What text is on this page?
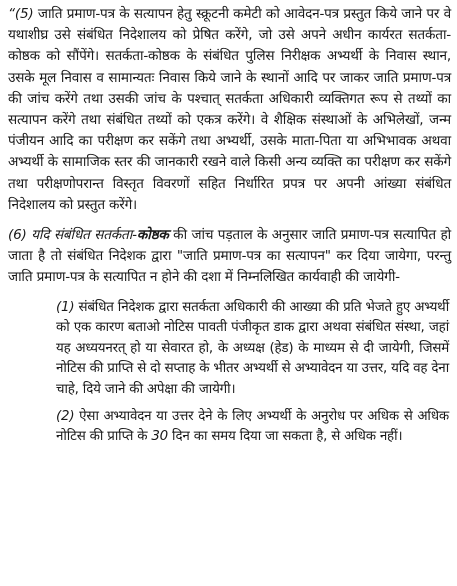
“(5) जाति प्रमाण-पत्र के सत्यापन हेतु स्क्रूटनी कमेटी को आवेदन-पत्र प्रस्तुत किये जाने पर वे यथाशीघ्र उसे संबंधित निदेशालय को प्रेषित करेंगे, जो उसे अपने अधीन कार्यरत सतर्कता-कोष्ठक को सौंपेंगे। सतर्कता-कोष्ठक के संबंधित पुलिस निरीक्षक अभ्यर्थी के निवास स्थान, उसके मूल निवास व सामान्यतः निवास किये जाने के स्थानों आदि पर जाकर जाति प्रमाण-पत्र की जांच करेंगे तथा उसकी जांच के पश्चात् सतर्कता अधिकारी व्यक्तिगत रूप से तथ्यों का सत्यापन करेंगे तथा संबंधित तथ्यों को एकत्र करेंगे। वे शैक्षिक संस्थाओं के अभिलेखों, जन्म पंजीयन आदि का परीक्षण कर सकेंगे तथा अभ्यर्थी, उसके माता-पिता या अभिभावक अथवा अभ्यर्थी के सामाजिक स्तर की जानकारी रखने वाले किसी अन्य व्यक्ति का परीक्षण कर सकेंगे तथा परीक्षणोपरान्त विस्तृत विवरणों सहित निर्धारित प्रपत्र पर अपनी आंख्या संबंधित निदेशालय को प्रस्तुत करेंगे।

(6) यदि संबंधित सतर्कता-कोष्ठक की जांच पड़ताल के अनुसार जाति प्रमाण-पत्र सत्यापित हो जाता है तो संबंधित निदेशक द्वारा "जाति प्रमाण-पत्र का सत्यापन" कर दिया जायेगा, परन्तु जाति प्रमाण-पत्र के सत्यापित न होने की दशा में निम्नलिखित कार्यवाही की जायेगी-

(1) संबंधित निदेशक द्वारा सतर्कता अधिकारी की आख्या की प्रति भेजते हुए अभ्यर्थी को एक कारण बताओ नोटिस पावती पंजीकृत डाक द्वारा अथवा संबंधित संस्था, जहां यह अध्ययनरत् हो या सेवारत हो, के अध्यक्ष (हेड) के माध्यम से दी जायेगी, जिसमें नोटिस की प्राप्ति से दो सप्ताह के भीतर अभ्यर्थी से अभ्यावेदन या उत्तर, यदि वह देना चाहे, दिये जाने की अपेक्षा की जायेगी।

(2) ऐसा अभ्यावेदन या उत्तर देने के लिए अभ्यर्थी के अनुरोध पर अधिक से अधिक नोटिस की प्राप्ति के 30 दिन का समय दिया जा सकता है, से अधिक नहीं।
